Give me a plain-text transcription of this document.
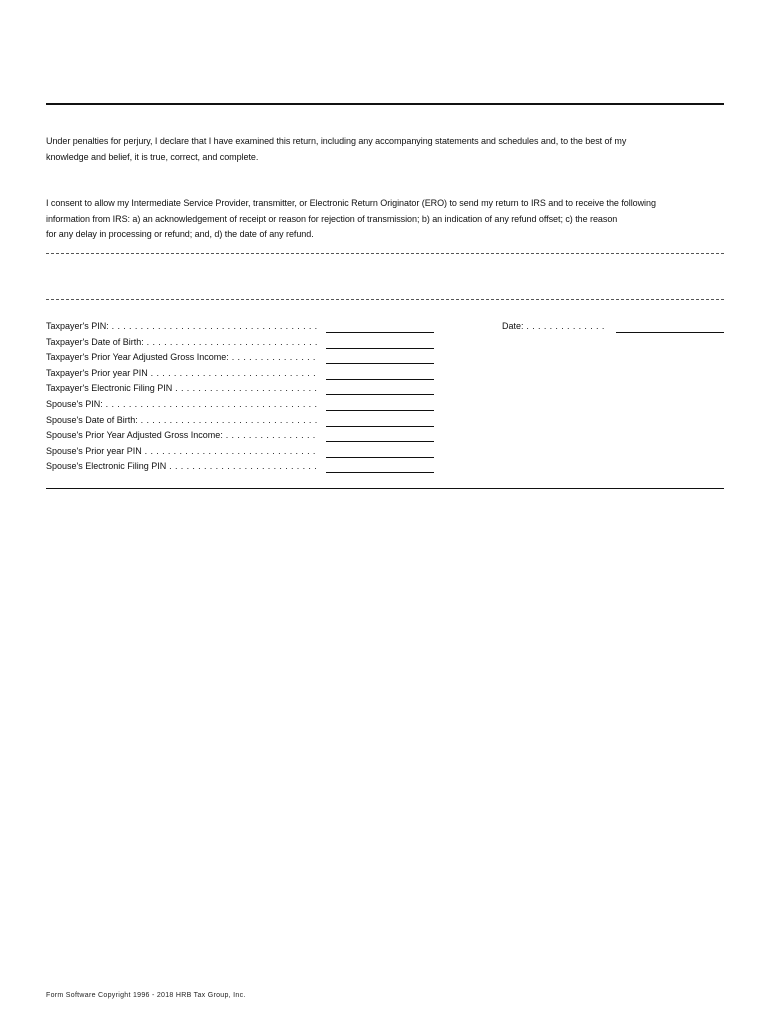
Under penalties for perjury, I declare that I have examined this return, including any accompanying statements and schedules and, to the best of my
knowledge and belief, it is true, correct, and complete.

I consent to allow my Intermediate Service Provider, transmitter, or Electronic Return Originator (ERO) to send my return to IRS and to receive the following
information from IRS: a) an acknowledgement of receipt or reason for rejection of transmission; b) an indication of any refund offset; c) the reason
for any delay in processing or refund; and, d) the date of any refund.

Taxpayer's PIN: . . .
Taxpayer's Date of Birth: . . .
Taxpayer's Prior Year Adjusted Gross Income: . . .
Taxpayer's Prior year PIN . . .
Taxpayer's Electronic Filing PIN . . .
Spouse's PIN: . . .
Spouse's Date of Birth: . . .
Spouse's Prior Year Adjusted Gross Income: . . .
Spouse's Prior year PIN . . .
Spouse's Electronic Filing PIN . . .
Date: . . .
Form Software Copyright 1996 - 2018 HRB Tax Group, Inc.
